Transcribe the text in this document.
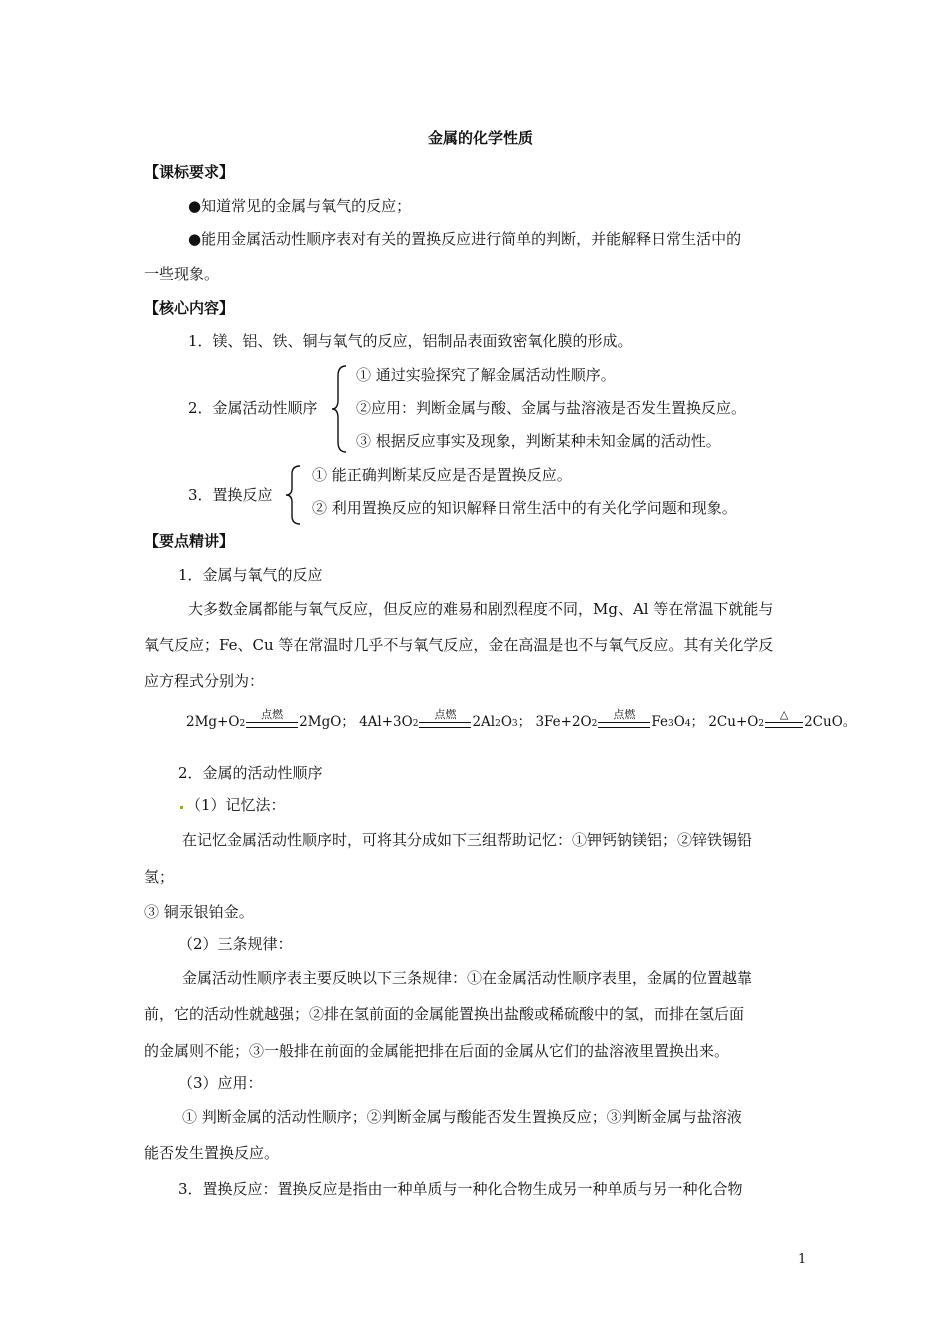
金属的化学性质
【课标要求】
●知道常见的金属与氧气的反应；
●能用金属活动性顺序表对有关的置换反应进行简单的判断，并能解释日常生活中的
一些现象。
【核心内容】
1．镁、铝、铁、铜与氧气的反应，铝制品表面致密氧化膜的形成。
2．金属活动性顺序
① 通过实验探究了解金属活动性顺序。
②应用：判断金属与酸、金属与盐溶液是否发生置换反应。
③ 根据反应事实及现象，判断某种未知金属的活动性。
3．置换反应
① 能正确判断某反应是否是置换反应。
② 利用置换反应的知识解释日常生活中的有关化学问题和现象。
【要点精讲】
1．金属与氧气的反应
大多数金属都能与氧气反应，但反应的难易和剧烈程度不同，Mg、Al 等在常温下就能与
氧气反应；Fe、Cu 等在常温时几乎不与氧气反应，金在高温是也不与氧气反应。其有关化学反
应方程式分别为：
2Mg+O2
点燃	2MgO； 4Al+3O2
点燃	2Al2O3； 3Fe+2O2
点燃	Fe3O4； 2Cu+O2
△	2CuO。
2．金属的活动性顺序
（1）记忆法：
在记忆金属活动性顺序时，可将其分成如下三组帮助记忆：①钾钙钠镁铝；②锌铁锡铅
氢；
③ 铜汞银铂金。
（2）三条规律：
金属活动性顺序表主要反映以下三条规律：①在金属活动性顺序表里，金属的位置越靠
前，它的活动性就越强；②排在氢前面的金属能置换出盐酸或稀硫酸中的氢，而排在氢后面
的金属则不能；③一般排在前面的金属能把排在后面的金属从它们的盐溶液里置换出来。
（3）应用：
① 判断金属的活动性顺序；②判断金属与酸能否发生置换反应；③判断金属与盐溶液
能否发生置换反应。
3．置换反应：置换反应是指由一种单质与一种化合物生成另一种单质与另一种化合物
1
